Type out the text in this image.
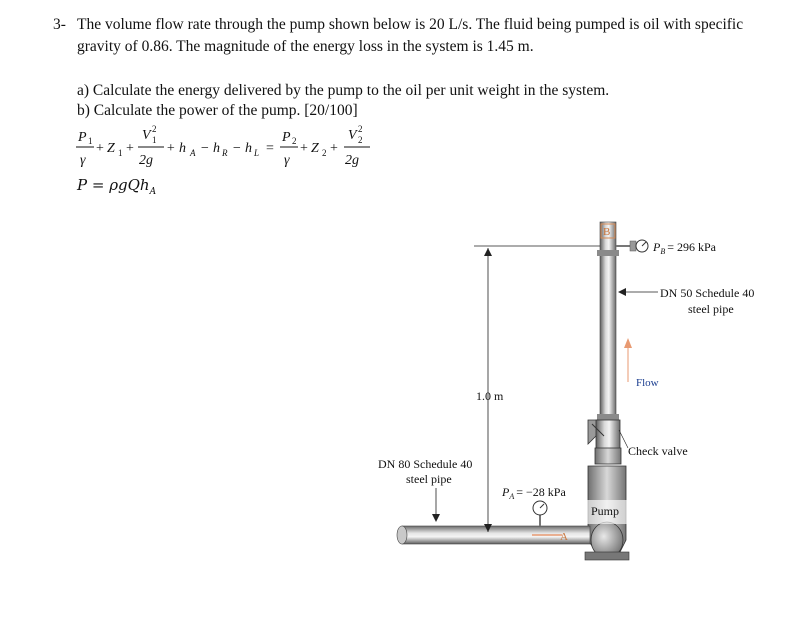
3- The volume flow rate through the pump shown below is 20 L/s. The fluid being pumped is oil with specific
gravity of 0.86. The magnitude of the energy loss in the system is 1.45 m.
a) Calculate the energy delivered by the pump to the oil per unit weight in the system.
b) Calculate the power of the pump. [20/100]
P 1
γ
+ Z 1 +
V 2
1
2g
+ h A − h R − h L =
P 2
γ
+ Z 2 +
V 2
2
2g
P = ρgQh$_A$
B
Pump
A
$P_B = 296$ kPa
DN 50 Schedule 40
steel pipe
Flow
1.0 m
Check valve
DN 80 Schedule 40
steel pipe
$P_A = -28$ kPa
